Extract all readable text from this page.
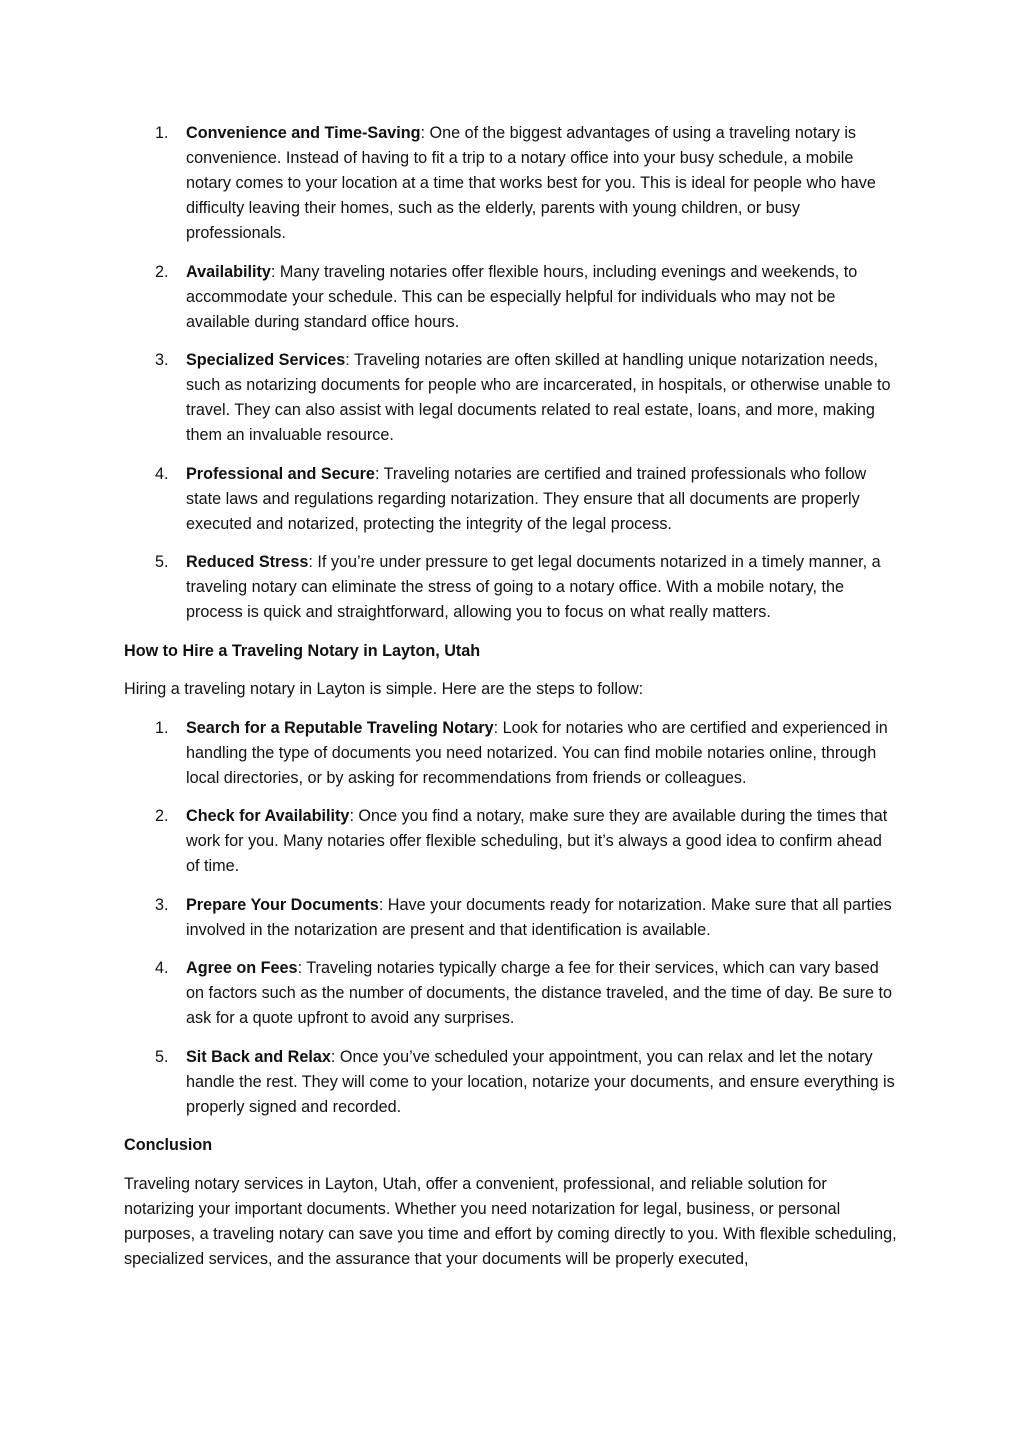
1. Convenience and Time-Saving: One of the biggest advantages of using a traveling notary is convenience. Instead of having to fit a trip to a notary office into your busy schedule, a mobile notary comes to your location at a time that works best for you. This is ideal for people who have difficulty leaving their homes, such as the elderly, parents with young children, or busy professionals.
2. Availability: Many traveling notaries offer flexible hours, including evenings and weekends, to accommodate your schedule. This can be especially helpful for individuals who may not be available during standard office hours.
3. Specialized Services: Traveling notaries are often skilled at handling unique notarization needs, such as notarizing documents for people who are incarcerated, in hospitals, or otherwise unable to travel. They can also assist with legal documents related to real estate, loans, and more, making them an invaluable resource.
4. Professional and Secure: Traveling notaries are certified and trained professionals who follow state laws and regulations regarding notarization. They ensure that all documents are properly executed and notarized, protecting the integrity of the legal process.
5. Reduced Stress: If you’re under pressure to get legal documents notarized in a timely manner, a traveling notary can eliminate the stress of going to a notary office. With a mobile notary, the process is quick and straightforward, allowing you to focus on what really matters.
How to Hire a Traveling Notary in Layton, Utah

Hiring a traveling notary in Layton is simple. Here are the steps to follow:

1. Search for a Reputable Traveling Notary: Look for notaries who are certified and experienced in handling the type of documents you need notarized. You can find mobile notaries online, through local directories, or by asking for recommendations from friends or colleagues.
2. Check for Availability: Once you find a notary, make sure they are available during the times that work for you. Many notaries offer flexible scheduling, but it’s always a good idea to confirm ahead of time.
3. Prepare Your Documents: Have your documents ready for notarization. Make sure that all parties involved in the notarization are present and that identification is available.
4. Agree on Fees: Traveling notaries typically charge a fee for their services, which can vary based on factors such as the number of documents, the distance traveled, and the time of day. Be sure to ask for a quote upfront to avoid any surprises.
5. Sit Back and Relax: Once you’ve scheduled your appointment, you can relax and let the notary handle the rest. They will come to your location, notarize your documents, and ensure everything is properly signed and recorded.
Conclusion

Traveling notary services in Layton, Utah, offer a convenient, professional, and reliable solution for notarizing your important documents. Whether you need notarization for legal, business, or personal purposes, a traveling notary can save you time and effort by coming directly to you. With flexible scheduling, specialized services, and the assurance that your documents will be properly executed,
